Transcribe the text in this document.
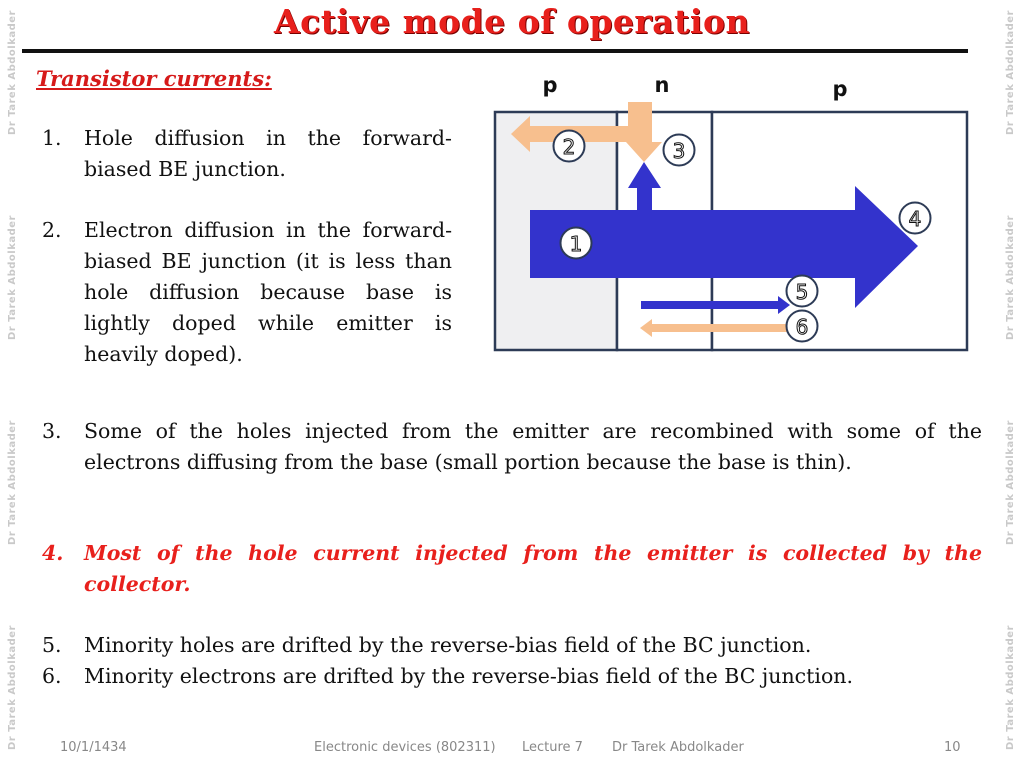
Active mode of operation
Dr Tarek Abdolkader
Dr Tarek Abdolkader
Dr Tarek Abdolkader
Dr Tarek Abdolkader
Dr Tarek Abdolkader
Dr Tarek Abdolkader
Dr Tarek Abdolkader
Dr Tarek Abdolkader
Transistor currents:	p	n	p
1
2	3
4
5
6
1. Hole diffusion in the forward-biased BE junction.
2. Electron diffusion in the forward-biased BE junction (it is less than hole diffusion because base is lightly doped while emitter is heavily doped).
3. Some of the holes injected from the emitter are recombined with some of the electrons diffusing from the base (small portion because the base is thin).
4. Most of the hole current injected from the emitter is collected by the collector.
5. Minority holes are drifted by the reverse-bias field of the BC junction.
6. Minority electrons are drifted by the reverse-bias field of the BC junction.
10/1/1434	Electronic devices (802311) Lecture 7 Dr Tarek Abdolkader	10
